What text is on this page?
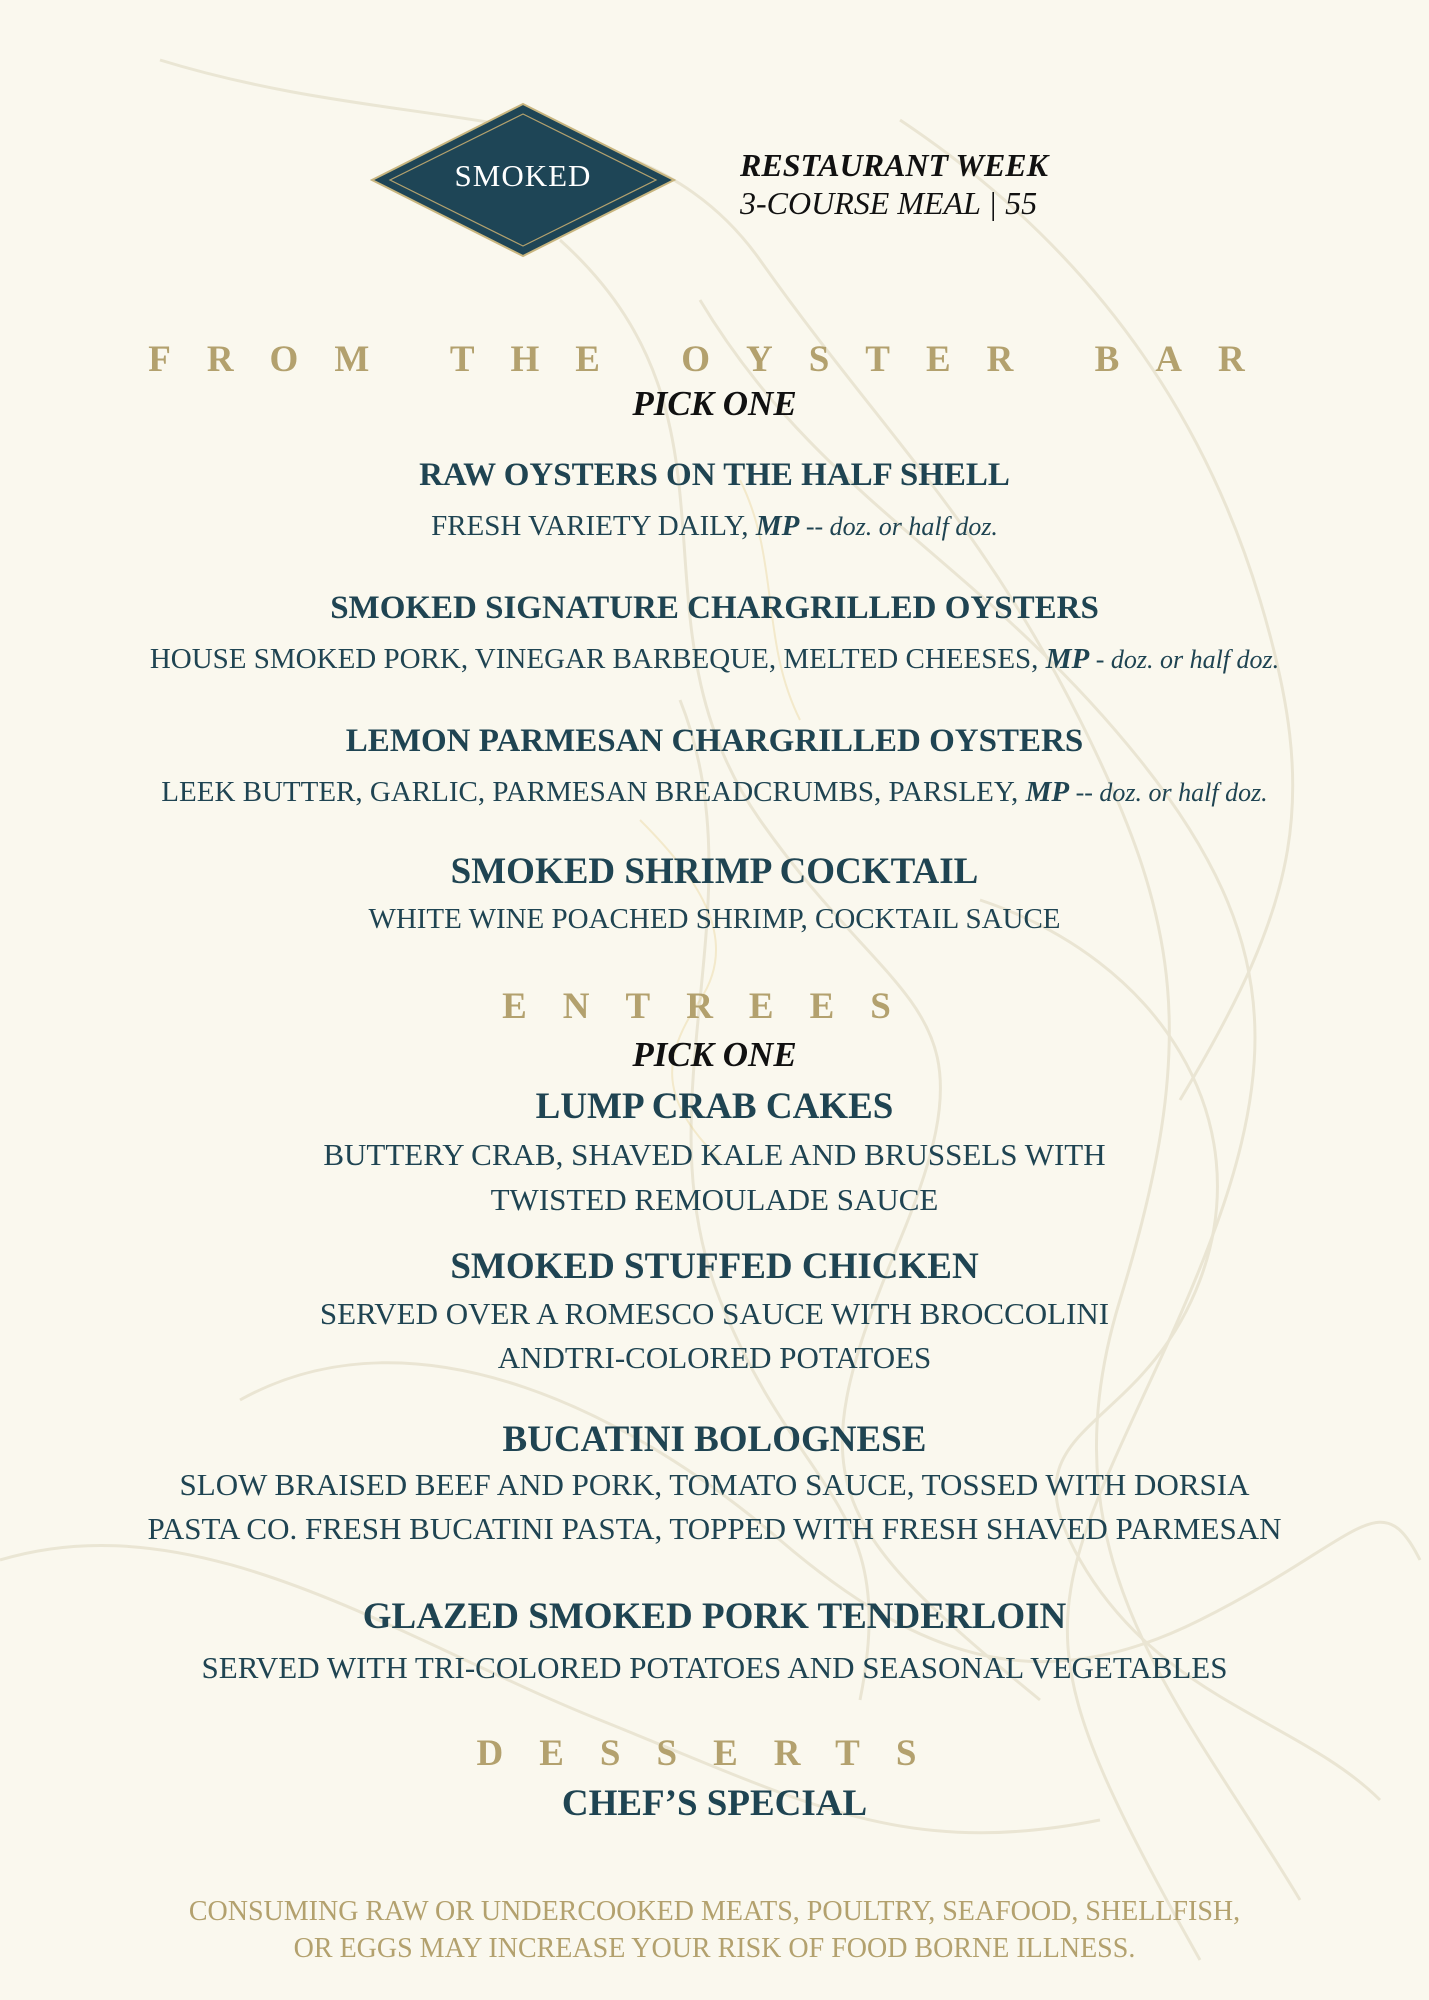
SMOKED	RESTAURANT WEEK
3-COURSE MEAL | 55
FROM THE OYSTER BAR
PICK ONE
RAW OYSTERS ON THE HALF SHELL
FRESH VARIETY DAILY, MP -- doz. or half doz.
SMOKED SIGNATURE CHARGRILLED OYSTERS
HOUSE SMOKED PORK, VINEGAR BARBEQUE, MELTED CHEESES, MP - doz. or half doz.
LEMON PARMESAN CHARGRILLED OYSTERS
LEEK BUTTER, GARLIC, PARMESAN BREADCRUMBS, PARSLEY, MP -- doz. or half doz.
SMOKED SHRIMP COCKTAIL
WHITE WINE POACHED SHRIMP, COCKTAIL SAUCE
ENTREES
PICK ONE
LUMP CRAB CAKES
BUTTERY CRAB, SHAVED KALE AND BRUSSELS WITH
TWISTED REMOULADE SAUCE
SMOKED STUFFED CHICKEN
SERVED OVER A ROMESCO SAUCE WITH BROCCOLINI
ANDTRI-COLORED POTATOES
BUCATINI BOLOGNESE
SLOW BRAISED BEEF AND PORK, TOMATO SAUCE, TOSSED WITH DORSIA
PASTA CO. FRESH BUCATINI PASTA, TOPPED WITH FRESH SHAVED PARMESAN
GLAZED SMOKED PORK TENDERLOIN
SERVED WITH TRI-COLORED POTATOES AND SEASONAL VEGETABLES
DESSERTS
CHEF’S SPECIAL
CONSUMING RAW OR UNDERCOOKED MEATS, POULTRY, SEAFOOD, SHELLFISH,
OR EGGS MAY INCREASE YOUR RISK OF FOOD BORNE ILLNESS.
